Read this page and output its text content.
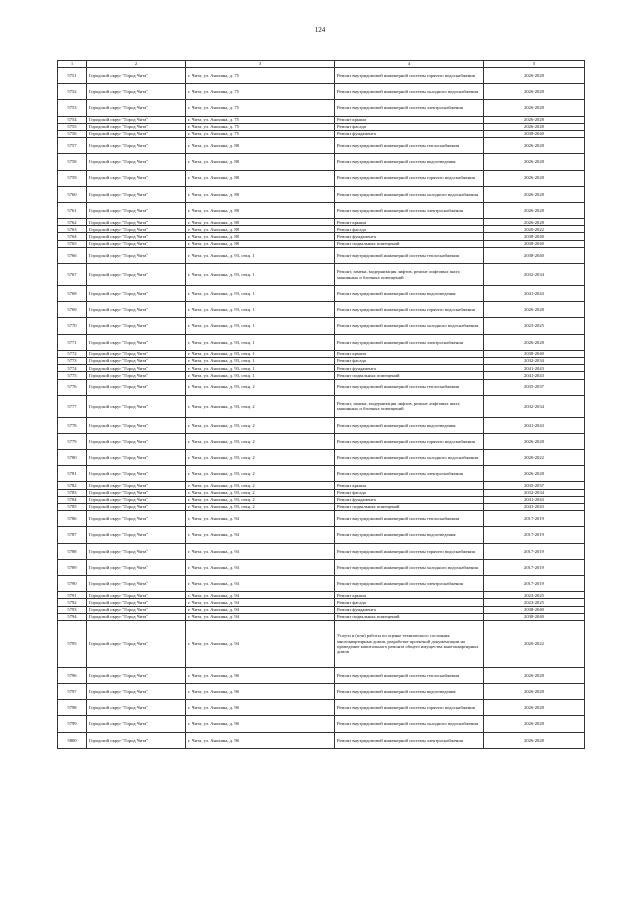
124
1	2	3	4	5
5751	Городской округ "Город Чита"	г. Чита, ул. Анохина, д. 75	Ремонт внутридомовой инженерной системы горячего водоснабжения	2026-2028
5752	Городской округ "Город Чита"	г. Чита, ул. Анохина, д. 75	Ремонт внутридомовой инженерной системы холодного водоснабжения	2026-2028
5753	Городской округ "Город Чита"	г. Чита, ул. Анохина, д. 75	Ремонт внутридомовой инженерной системы электроснабжения	2026-2028
5754	Городской округ "Город Чита"	г. Чита, ул. Анохина, д. 75	Ремонт крыши	2026-2028
5755	Городской округ "Город Чита"	г. Чита, ул. Анохина, д. 75	Ремонт фасада	2026-2028
5756	Городской округ "Город Чита"	г. Чита, ул. Анохина, д. 75	Ремонт фундамента	2038-2040
5757	Городской округ "Город Чита"	г. Чита, ул. Анохина, д. 88	Ремонт внутридомовой инженерной системы теплоснабжения	2026-2028
5758	Городской округ "Город Чита"	г. Чита, ул. Анохина, д. 88	Ремонт внутридомовой инженерной системы водоотведения	2026-2028
5759	Городской округ "Город Чита"	г. Чита, ул. Анохина, д. 88	Ремонт внутридомовой инженерной системы горячего водоснабжения	2026-2028
5760	Городской округ "Город Чита"	г. Чита, ул. Анохина, д. 88	Ремонт внутридомовой инженерной системы холодного водоснабжения	2026-2028
5761	Городской округ "Город Чита"	г. Чита, ул. Анохина, д. 88	Ремонт внутридомовой инженерной системы электроснабжения	2026-2028
5762	Городской округ "Город Чита"	г. Чита, ул. Анохина, д. 88	Ремонт крыши	2026-2028
5763	Городской округ "Город Чита"	г. Чита, ул. Анохина, д. 88	Ремонт фасада	2020-2022
5764	Городской округ "Город Чита"	г. Чита, ул. Анохина, д. 88	Ремонт фундамента	2038-2040
5765	Городской округ "Город Чита"	г. Чита, ул. Анохина, д. 88	Ремонт подвальных помещений	2038-2040
5766	Городской округ "Город Чита"	г. Чита, ул. Анохина, д. 93, секц. 1	Ремонт внутридомовой инженерной системы теплоснабжения	2038-2040
5767	Городской округ "Город Чита"	г. Чита, ул. Анохина, д. 93, секц. 1	Ремонт, замена, модернизация лифтов, ремонт лифтовых шахт, машинных и блочных помещений	2032-2034
5768	Городской округ "Город Чита"	г. Чита, ул. Анохина, д. 93, секц. 1	Ремонт внутридомовой инженерной системы водоотведения	2041-2043
5769	Городской округ "Город Чита"	г. Чита, ул. Анохина, д. 93, секц. 1	Ремонт внутридомовой инженерной системы горячего водоснабжения	2026-2028
5770	Городской округ "Город Чита"	г. Чита, ул. Анохина, д. 93, секц. 1	Ремонт внутридомовой инженерной системы холодного водоснабжения	2023-2025
5771	Городской округ "Город Чита"	г. Чита, ул. Анохина, д. 93, секц. 1	Ремонт внутридомовой инженерной системы электроснабжения	2026-2028
5772	Городской округ "Город Чита"	г. Чита, ул. Анохина, д. 93, секц. 1	Ремонт крыши	2038-2040
5773	Городской округ "Город Чита"	г. Чита, ул. Анохина, д. 93, секц. 1	Ремонт фасада	2032-2034
5774	Городской округ "Город Чита"	г. Чита, ул. Анохина, д. 93, секц. 1	Ремонт фундамента	2041-2043
5775	Городской округ "Город Чита"	г. Чита, ул. Анохина, д. 93, секц. 1	Ремонт подвальных помещений	2041-2043
5776	Городской округ "Город Чита"	г. Чита, ул. Анохина, д. 93, секц. 2	Ремонт внутридомовой инженерной системы теплоснабжения	2035-2037
5777	Городской округ "Город Чита"	г. Чита, ул. Анохина, д. 93, секц. 2	Ремонт, замена, модернизация лифтов, ремонт лифтовых шахт, машинных и блочных помещений	2032-2034
5778	Городской округ "Город Чита"	г. Чита, ул. Анохина, д. 93, секц. 2	Ремонт внутридомовой инженерной системы водоотведения	2041-2043
5779	Городской округ "Город Чита"	г. Чита, ул. Анохина, д. 93, секц. 2	Ремонт внутридомовой инженерной системы горячего водоснабжения	2026-2028
5780	Городской округ "Город Чита"	г. Чита, ул. Анохина, д. 93, секц. 2	Ремонт внутридомовой инженерной системы холодного водоснабжения	2020-2022
5781	Городской округ "Город Чита"	г. Чита, ул. Анохина, д. 93, секц. 2	Ремонт внутридомовой инженерной системы электроснабжения	2026-2028
5782	Городской округ "Город Чита"	г. Чита, ул. Анохина, д. 93, секц. 2	Ремонт крыши	2035-2037
5783	Городской округ "Город Чита"	г. Чита, ул. Анохина, д. 93, секц. 2	Ремонт фасада	2032-2034
5784	Городской округ "Город Чита"	г. Чита, ул. Анохина, д. 93, секц. 2	Ремонт фундамента	2041-2043
5785	Городской округ "Город Чита"	г. Чита, ул. Анохина, д. 93, секц. 2	Ремонт подвальных помещений	2041-2043
5786	Городской округ "Город Чита"	г. Чита, ул. Анохина, д. 94	Ремонт внутридомовой инженерной системы теплоснабжения	2017-2019
5787	Городской округ "Город Чита"	г. Чита, ул. Анохина, д. 94	Ремонт внутридомовой инженерной системы водоотведения	2017-2019
5788	Городской округ "Город Чита"	г. Чита, ул. Анохина, д. 94	Ремонт внутридомовой инженерной системы горячего водоснабжения	2017-2019
5789	Городской округ "Город Чита"	г. Чита, ул. Анохина, д. 94	Ремонт внутридомовой инженерной системы холодного водоснабжения	2017-2019
5790	Городской округ "Город Чита"	г. Чита, ул. Анохина, д. 94	Ремонт внутридомовой инженерной системы электроснабжения	2017-2019
5791	Городской округ "Город Чита"	г. Чита, ул. Анохина, д. 94	Ремонт крыши	2023-2025
5792	Городской округ "Город Чита"	г. Чита, ул. Анохина, д. 94	Ремонт фасада	2023-2025
5793	Городской округ "Город Чита"	г. Чита, ул. Анохина, д. 94	Ремонт фундамента	2038-2040
5794	Городской округ "Город Чита"	г. Чита, ул. Анохина, д. 94	Ремонт подвальных помещений	2038-2040
5795	Городской округ "Город Чита"	г. Чита, ул. Анохина, д. 94	Услуги и (или) работы по оценке технического состояния многоквартирных домов, разработке проектной документации на проведение капитального ремонта общего имущества многоквартирных домов	2020-2022
5796	Городской округ "Город Чита"	г. Чита, ул. Анохина, д. 96	Ремонт внутридомовой инженерной системы теплоснабжения	2026-2028
5797	Городской округ "Город Чита"	г. Чита, ул. Анохина, д. 96	Ремонт внутридомовой инженерной системы водоотведения	2026-2028
5798	Городской округ "Город Чита"	г. Чита, ул. Анохина, д. 96	Ремонт внутридомовой инженерной системы горячего водоснабжения	2026-2028
5799	Городской округ "Город Чита"	г. Чита, ул. Анохина, д. 96	Ремонт внутридомовой инженерной системы холодного водоснабжения	2026-2028
5800	Городской округ "Город Чита"	г. Чита, ул. Анохина, д. 96	Ремонт внутридомовой инженерной системы электроснабжения	2026-2028
